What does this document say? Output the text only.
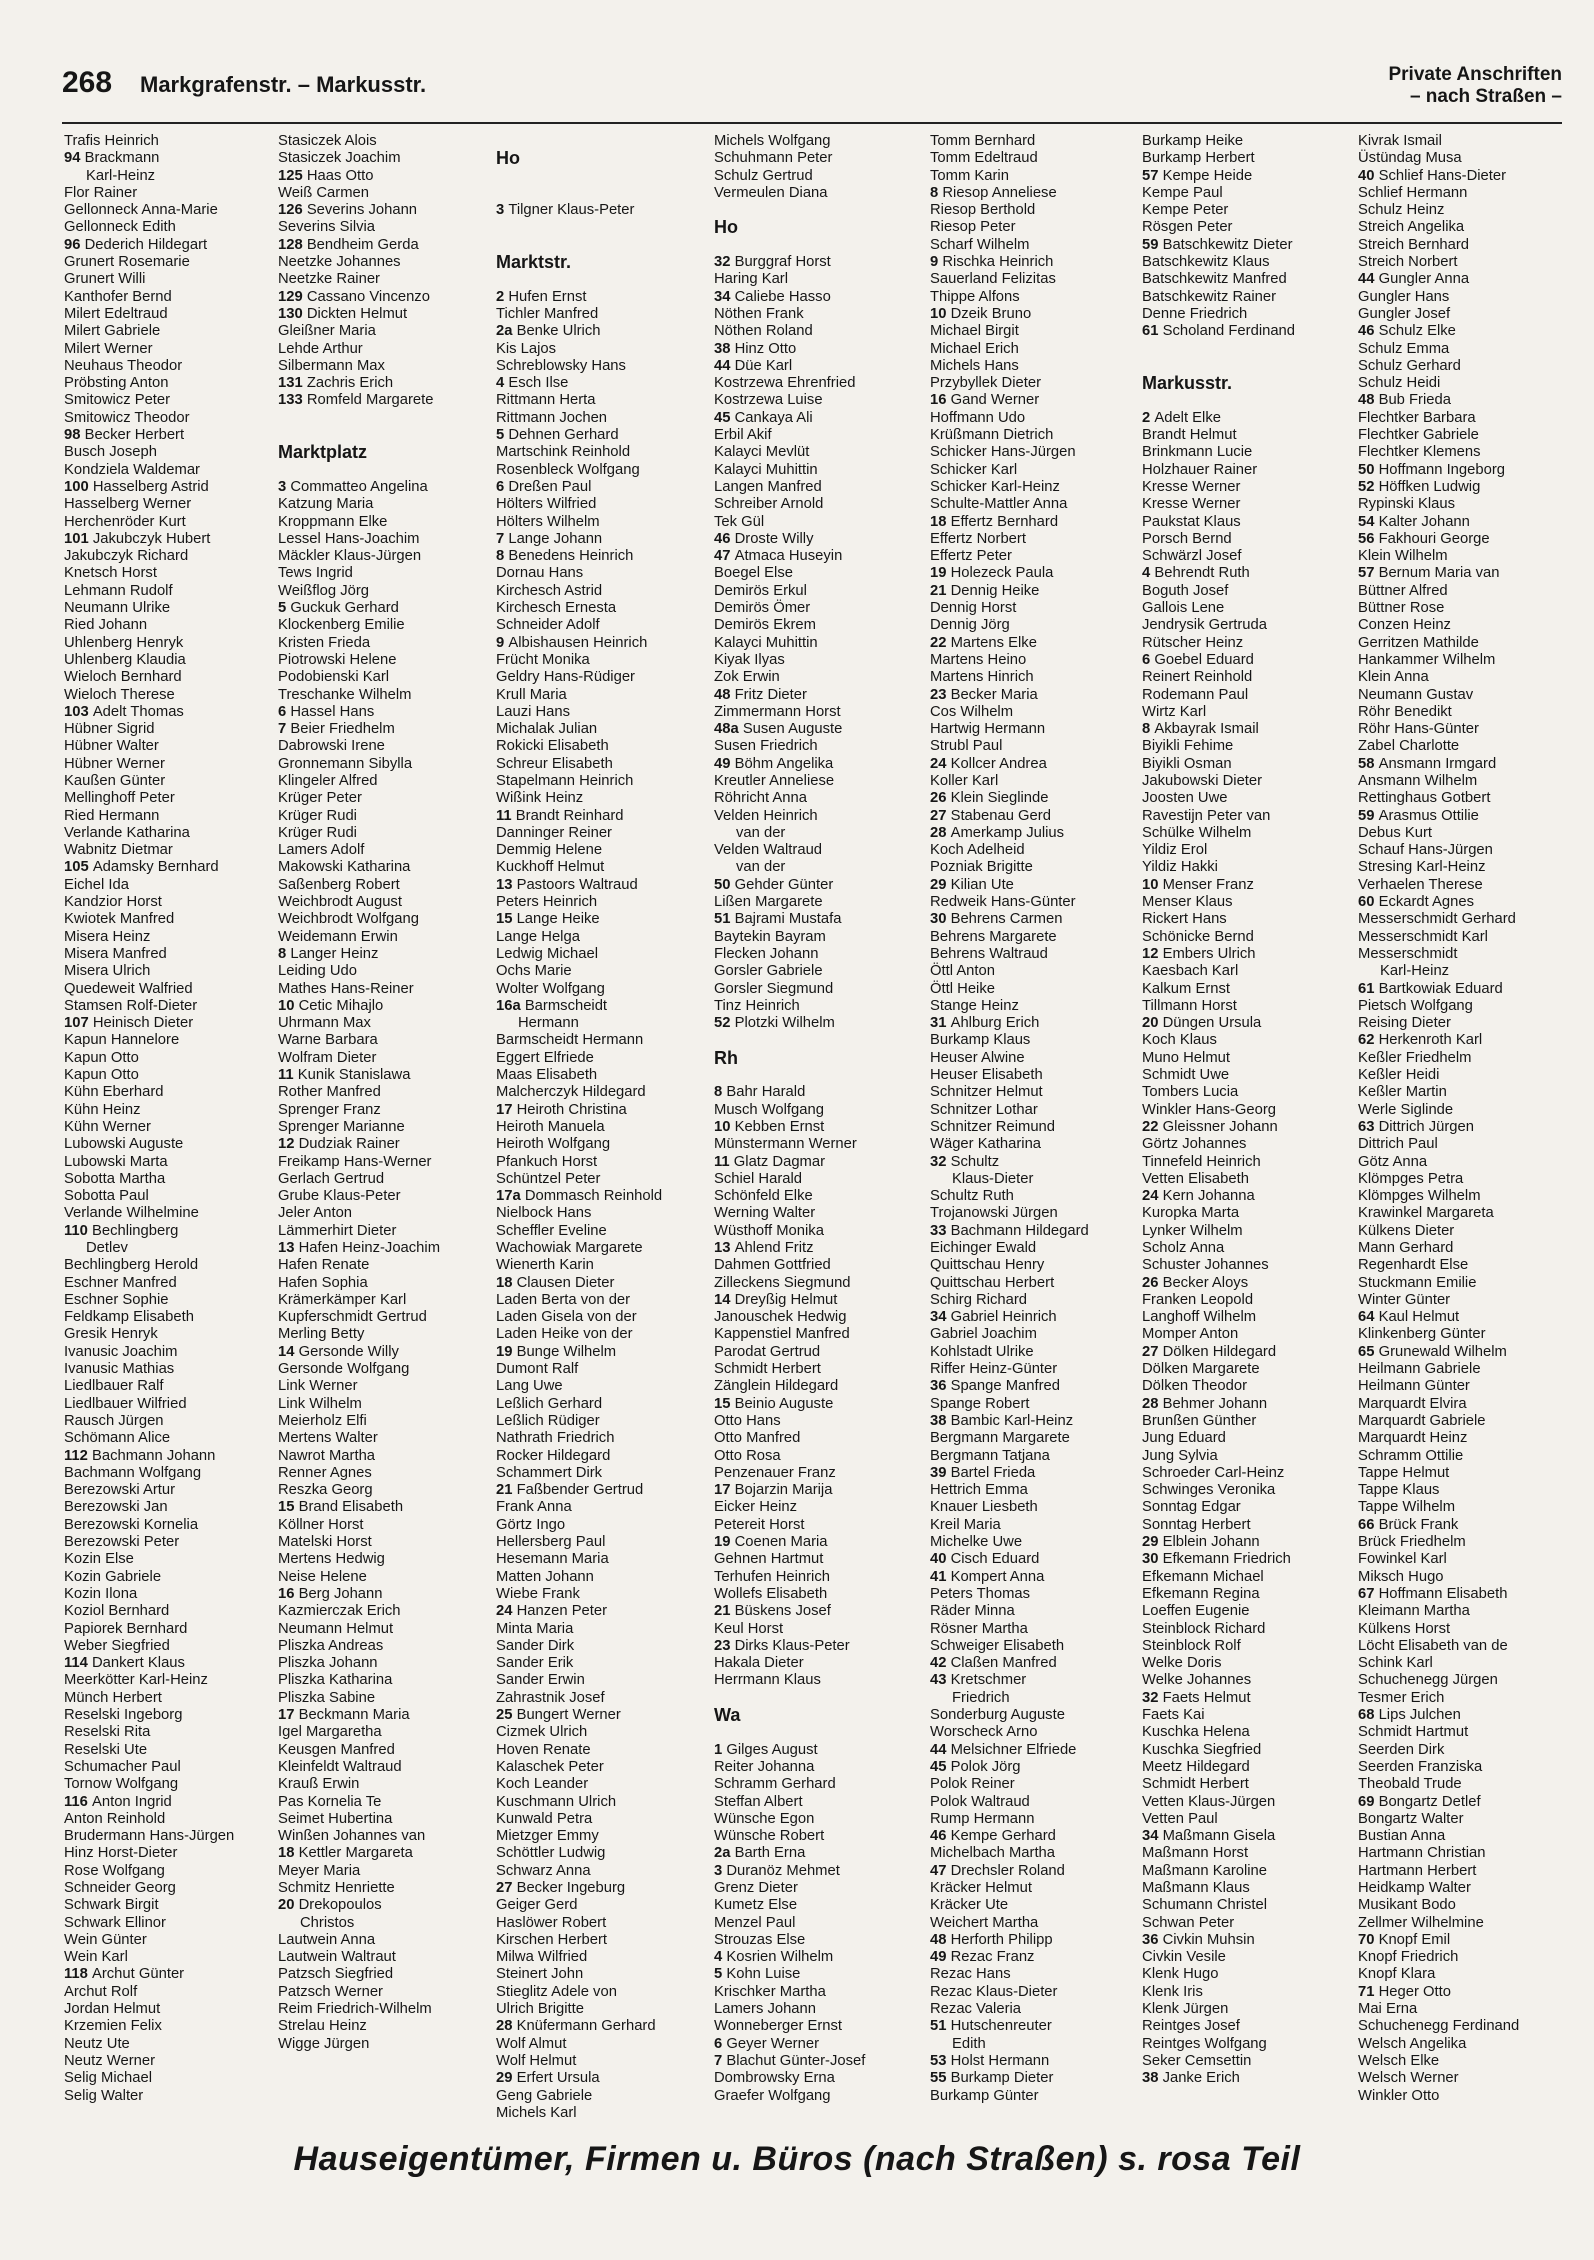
268 Markgrafenstr. – Markusstr.	Private Anschriften
– nach Straßen –
Trafis Heinrich
94 Brackmann
Karl-Heinz
Flor Rainer
Gellonneck Anna-Marie
Gellonneck Edith
96 Dederich Hildegart
Grunert Rosemarie
Grunert Willi
Kanthofer Bernd
Milert Edeltraud
Milert Gabriele
Milert Werner
Neuhaus Theodor
Pröbsting Anton
Smitowicz Peter
Smitowicz Theodor
98 Becker Herbert
Busch Joseph
Kondziela Waldemar
100 Hasselberg Astrid
Hasselberg Werner
Herchenröder Kurt
101 Jakubczyk Hubert
Jakubczyk Richard
Knetsch Horst
Lehmann Rudolf
Neumann Ulrike
Ried Johann
Uhlenberg Henryk
Uhlenberg Klaudia
Wieloch Bernhard
Wieloch Therese
103 Adelt Thomas
Hübner Sigrid
Hübner Walter
Hübner Werner
Kaußen Günter
Mellinghoff Peter
Ried Hermann
Verlande Katharina
Wabnitz Dietmar
105 Adamsky Bernhard
Eichel Ida
Kandzior Horst
Kwiotek Manfred
Misera Heinz
Misera Manfred
Misera Ulrich
Quedeweit Walfried
Stamsen Rolf-Dieter
107 Heinisch Dieter
Kapun Hannelore
Kapun Otto
Kapun Otto
Kühn Eberhard
Kühn Heinz
Kühn Werner
Lubowski Auguste
Lubowski Marta
Sobotta Martha
Sobotta Paul
Verlande Wilhelmine
110 Bechlingberg
Detlev
Bechlingberg Herold
Eschner Manfred
Eschner Sophie
Feldkamp Elisabeth
Gresik Henryk
Ivanusic Joachim
Ivanusic Mathias
Liedlbauer Ralf
Liedlbauer Wilfried
Rausch Jürgen
Schömann Alice
112 Bachmann Johann
Bachmann Wolfgang
Berezowski Artur
Berezowski Jan
Berezowski Kornelia
Berezowski Peter
Kozin Else
Kozin Gabriele
Kozin Ilona
Koziol Bernhard
Papiorek Bernhard
Weber Siegfried
114 Dankert Klaus
Meerkötter Karl-Heinz
Münch Herbert
Reselski Ingeborg
Reselski Rita
Reselski Ute
Schumacher Paul
Tornow Wolfgang
116 Anton Ingrid
Anton Reinhold
Brudermann Hans-Jürgen
Hinz Horst-Dieter
Rose Wolfgang
Schneider Georg
Schwark Birgit
Schwark Ellinor
Wein Günter
Wein Karl
118 Archut Günter
Archut Rolf
Jordan Helmut
Krzemien Felix
Neutz Ute
Neutz Werner
Selig Michael
Selig Walter
Stasiczek Alois
Stasiczek Joachim
125 Haas Otto
Weiß Carmen
126 Severins Johann
Severins Silvia
128 Bendheim Gerda
Neetzke Johannes
Neetzke Rainer
129 Cassano Vincenzo
130 Dickten Helmut
Gleißner Maria
Lehde Arthur
Silbermann Max
131 Zachris Erich
133 Romfeld Margarete
Marktplatz
3 Commatteo Angelina
Katzung Maria
Kroppmann Elke
Lessel Hans-Joachim
Mäckler Klaus-Jürgen
Tews Ingrid
Weißflog Jörg
5 Guckuk Gerhard
Klockenberg Emilie
Kristen Frieda
Piotrowski Helene
Podobienski Karl
Treschanke Wilhelm
6 Hassel Hans
7 Beier Friedhelm
Dabrowski Irene
Gronnemann Sibylla
Klingeler Alfred
Krüger Peter
Krüger Rudi
Krüger Rudi
Lamers Adolf
Makowski Katharina
Saßenberg Robert
Weichbrodt August
Weichbrodt Wolfgang
Weidemann Erwin
8 Langer Heinz
Leiding Udo
Mathes Hans-Reiner
10 Cetic Mihajlo
Uhrmann Max
Warne Barbara
Wolfram Dieter
11 Kunik Stanislawa
Rother Manfred
Sprenger Franz
Sprenger Marianne
12 Dudziak Rainer
Freikamp Hans-Werner
Gerlach Gertrud
Grube Klaus-Peter
Jeler Anton
Lämmerhirt Dieter
13 Hafen Heinz-Joachim
Hafen Renate
Hafen Sophia
Krämerkämper Karl
Kupferschmidt Gertrud
Merling Betty
14 Gersonde Willy
Gersonde Wolfgang
Link Werner
Link Wilhelm
Meierholz Elfi
Mertens Walter
Nawrot Martha
Renner Agnes
Reszka Georg
15 Brand Elisabeth
Köllner Horst
Matelski Horst
Mertens Hedwig
Neise Helene
16 Berg Johann
Kazmierczak Erich
Neumann Helmut
Pliszka Andreas
Pliszka Johann
Pliszka Katharina
Pliszka Sabine
17 Beckmann Maria
Igel Margaretha
Keusgen Manfred
Kleinfeldt Waltraud
Krauß Erwin
Pas Kornelia Te
Seimet Hubertina
Winßen Johannes van
18 Kettler Margareta
Meyer Maria
Schmitz Henriette
20 Drekopoulos
Christos
Lautwein Anna
Lautwein Waltraut
Patzsch Siegfried
Patzsch Werner
Reim Friedrich-Wilhelm
Strelau Heinz
Wigge Jürgen
Ho
3 Tilgner Klaus-Peter
Marktstr.
2 Hufen Ernst
Tichler Manfred
2a Benke Ulrich
Kis Lajos
Schreblowsky Hans
4 Esch Ilse
Rittmann Herta
Rittmann Jochen
5 Dehnen Gerhard
Martschink Reinhold
Rosenbleck Wolfgang
6 Dreßen Paul
Hölters Wilfried
Hölters Wilhelm
7 Lange Johann
8 Benedens Heinrich
Dornau Hans
Kirchesch Astrid
Kirchesch Ernesta
Schneider Adolf
9 Albishausen Heinrich
Frücht Monika
Geldry Hans-Rüdiger
Krull Maria
Lauzi Hans
Michalak Julian
Rokicki Elisabeth
Schreur Elisabeth
Stapelmann Heinrich
Wißink Heinz
11 Brandt Reinhard
Danninger Reiner
Demmig Helene
Kuckhoff Helmut
13 Pastoors Waltraud
Peters Heinrich
15 Lange Heike
Lange Helga
Ledwig Michael
Ochs Marie
Wolter Wolfgang
16a Barmscheidt
Hermann
Barmscheidt Hermann
Eggert Elfriede
Maas Elisabeth
Malcherczyk Hildegard
17 Heiroth Christina
Heiroth Manuela
Heiroth Wolfgang
Pfankuch Horst
Schüntzel Peter
17a Dommasch Reinhold
Nielbock Hans
Scheffler Eveline
Wachowiak Margarete
Wienerth Karin
18 Clausen Dieter
Laden Berta von der
Laden Gisela von der
Laden Heike von der
19 Bunge Wilhelm
Dumont Ralf
Lang Uwe
Leßlich Gerhard
Leßlich Rüdiger
Nathrath Friedrich
Rocker Hildegard
Schammert Dirk
21 Faßbender Gertrud
Frank Anna
Görtz Ingo
Hellersberg Paul
Hesemann Maria
Matten Johann
Wiebe Frank
24 Hanzen Peter
Minta Maria
Sander Dirk
Sander Erik
Sander Erwin
Zahrastnik Josef
25 Bungert Werner
Cizmek Ulrich
Hoven Renate
Kalaschek Peter
Koch Leander
Kuschmann Ulrich
Kunwald Petra
Mietzger Emmy
Schöttler Ludwig
Schwarz Anna
27 Becker Ingeburg
Geiger Gerd
Haslöwer Robert
Kirschen Herbert
Milwa Wilfried
Steinert John
Stieglitz Adele von
Ulrich Brigitte
28 Knüfermann Gerhard
Wolf Almut
Wolf Helmut
29 Erfert Ursula
Geng Gabriele
Michels Karl
Michels Wolfgang
Schuhmann Peter
Schulz Gertrud
Vermeulen Diana
Ho
32 Burggraf Horst
Haring Karl
34 Caliebe Hasso
Nöthen Frank
Nöthen Roland
38 Hinz Otto
44 Düe Karl
Kostrzewa Ehrenfried
Kostrzewa Luise
45 Cankaya Ali
Erbil Akif
Kalayci Mevlüt
Kalayci Muhittin
Langen Manfred
Schreiber Arnold
Tek Gül
46 Droste Willy
47 Atmaca Huseyin
Boegel Else
Demirös Erkul
Demirös Ömer
Demirös Ekrem
Kalayci Muhittin
Kiyak Ilyas
Zok Erwin
48 Fritz Dieter
Zimmermann Horst
48a Susen Auguste
Susen Friedrich
49 Böhm Angelika
Kreutler Anneliese
Röhricht Anna
Velden Heinrich
van der
Velden Waltraud
van der
50 Gehder Günter
Lißen Margarete
51 Bajrami Mustafa
Baytekin Bayram
Flecken Johann
Gorsler Gabriele
Gorsler Siegmund
Tinz Heinrich
52 Plotzki Wilhelm
Rh
8 Bahr Harald
Musch Wolfgang
10 Kebben Ernst
Münstermann Werner
11 Glatz Dagmar
Schiel Harald
Schönfeld Elke
Werning Walter
Wüsthoff Monika
13 Ahlend Fritz
Dahmen Gottfried
Zilleckens Siegmund
14 Dreyßig Helmut
Janouschek Hedwig
Kappenstiel Manfred
Parodat Gertrud
Schmidt Herbert
Zänglein Hildegard
15 Beinio Auguste
Otto Hans
Otto Manfred
Otto Rosa
Penzenauer Franz
17 Bojarzin Marija
Eicker Heinz
Petereit Horst
19 Coenen Maria
Gehnen Hartmut
Terhufen Heinrich
Wollefs Elisabeth
21 Büskens Josef
Keul Horst
23 Dirks Klaus-Peter
Hakala Dieter
Herrmann Klaus
Wa
1 Gilges August
Reiter Johanna
Schramm Gerhard
Steffan Albert
Wünsche Egon
Wünsche Robert
2a Barth Erna
3 Duranöz Mehmet
Grenz Dieter
Kumetz Else
Menzel Paul
Strouzas Else
4 Kosrien Wilhelm
5 Kohn Luise
Krischker Martha
Lamers Johann
Wonneberger Ernst
6 Geyer Werner
7 Blachut Günter-Josef
Dombrowsky Erna
Graefer Wolfgang
Tomm Bernhard
Tomm Edeltraud
Tomm Karin
8 Riesop Anneliese
Riesop Berthold
Riesop Peter
Scharf Wilhelm
9 Rischka Heinrich
Sauerland Felizitas
Thippe Alfons
10 Dzeik Bruno
Michael Birgit
Michael Erich
Michels Hans
Przybyllek Dieter
16 Gand Werner
Hoffmann Udo
Krüßmann Dietrich
Schicker Hans-Jürgen
Schicker Karl
Schicker Karl-Heinz
Schulte-Mattler Anna
18 Effertz Bernhard
Effertz Norbert
Effertz Peter
19 Holezeck Paula
21 Dennig Heike
Dennig Horst
Dennig Jörg
22 Martens Elke
Martens Heino
Martens Hinrich
23 Becker Maria
Cos Wilhelm
Hartwig Hermann
Strubl Paul
24 Kollcer Andrea
Koller Karl
26 Klein Sieglinde
27 Stabenau Gerd
28 Amerkamp Julius
Koch Adelheid
Pozniak Brigitte
29 Kilian Ute
Redweik Hans-Günter
30 Behrens Carmen
Behrens Margarete
Behrens Waltraud
Öttl Anton
Öttl Heike
Stange Heinz
31 Ahlburg Erich
Burkamp Klaus
Heuser Alwine
Heuser Elisabeth
Schnitzer Helmut
Schnitzer Lothar
Schnitzer Reimund
Wäger Katharina
32 Schultz
Klaus-Dieter
Schultz Ruth
Trojanowski Jürgen
33 Bachmann Hildegard
Eichinger Ewald
Quittschau Henry
Quittschau Herbert
Schirg Richard
34 Gabriel Heinrich
Gabriel Joachim
Kohlstadt Ulrike
Riffer Heinz-Günter
36 Spange Manfred
Spange Robert
38 Bambic Karl-Heinz
Bergmann Margarete
Bergmann Tatjana
39 Bartel Frieda
Hettrich Emma
Knauer Liesbeth
Kreil Maria
Michelke Uwe
40 Cisch Eduard
41 Kompert Anna
Peters Thomas
Räder Minna
Rösner Martha
Schweiger Elisabeth
42 Claßen Manfred
43 Kretschmer
Friedrich
Sonderburg Auguste
Worscheck Arno
44 Melsichner Elfriede
45 Polok Jörg
Polok Reiner
Polok Waltraud
Rump Hermann
46 Kempe Gerhard
Michelbach Martha
47 Drechsler Roland
Kräcker Helmut
Kräcker Ute
Weichert Martha
48 Herforth Philipp
49 Rezac Franz
Rezac Hans
Rezac Klaus-Dieter
Rezac Valeria
51 Hutschenreuter
Edith
53 Holst Hermann
55 Burkamp Dieter
Burkamp Günter
Burkamp Heike
Burkamp Herbert
57 Kempe Heide
Kempe Paul
Kempe Peter
Rösgen Peter
59 Batschkewitz Dieter
Batschkewitz Klaus
Batschkewitz Manfred
Batschkewitz Rainer
Denne Friedrich
61 Scholand Ferdinand
Markusstr.
2 Adelt Elke
Brandt Helmut
Brinkmann Lucie
Holzhauer Rainer
Kresse Werner
Kresse Werner
Paukstat Klaus
Porsch Bernd
Schwärzl Josef
4 Behrendt Ruth
Boguth Josef
Gallois Lene
Jendrysik Gertruda
Rütscher Heinz
6 Goebel Eduard
Reinert Reinhold
Rodemann Paul
Wirtz Karl
8 Akbayrak Ismail
Biyikli Fehime
Biyikli Osman
Jakubowski Dieter
Joosten Uwe
Ravestijn Peter van
Schülke Wilhelm
Yildiz Erol
Yildiz Hakki
10 Menser Franz
Menser Klaus
Rickert Hans
Schönicke Bernd
12 Embers Ulrich
Kaesbach Karl
Kalkum Ernst
Tillmann Horst
20 Düngen Ursula
Koch Klaus
Muno Helmut
Schmidt Uwe
Tombers Lucia
Winkler Hans-Georg
22 Gleissner Johann
Görtz Johannes
Tinnefeld Heinrich
Vetten Elisabeth
24 Kern Johanna
Kuropka Marta
Lynker Wilhelm
Scholz Anna
Schuster Johannes
26 Becker Aloys
Franken Leopold
Langhoff Wilhelm
Momper Anton
27 Dölken Hildegard
Dölken Margarete
Dölken Theodor
28 Behmer Johann
Brunßen Günther
Jung Eduard
Jung Sylvia
Schroeder Carl-Heinz
Schwinges Veronika
Sonntag Edgar
Sonntag Herbert
29 Elblein Johann
30 Efkemann Friedrich
Efkemann Michael
Efkemann Regina
Loeffen Eugenie
Steinblock Richard
Steinblock Rolf
Welke Doris
Welke Johannes
32 Faets Helmut
Faets Kai
Kuschka Helena
Kuschka Siegfried
Meetz Hildegard
Schmidt Herbert
Vetten Klaus-Jürgen
Vetten Paul
34 Maßmann Gisela
Maßmann Horst
Maßmann Karoline
Maßmann Klaus
Schumann Christel
Schwan Peter
36 Civkin Muhsin
Civkin Vesile
Klenk Hugo
Klenk Iris
Klenk Jürgen
Reintges Josef
Reintges Wolfgang
Seker Cemsettin
38 Janke Erich
Kivrak Ismail
Üstündag Musa
40 Schlief Hans-Dieter
Schlief Hermann
Schulz Heinz
Streich Angelika
Streich Bernhard
Streich Norbert
44 Gungler Anna
Gungler Hans
Gungler Josef
46 Schulz Elke
Schulz Emma
Schulz Gerhard
Schulz Heidi
48 Bub Frieda
Flechtker Barbara
Flechtker Gabriele
Flechtker Klemens
50 Hoffmann Ingeborg
52 Höffken Ludwig
Rypinski Klaus
54 Kalter Johann
56 Fakhouri George
Klein Wilhelm
57 Bernum Maria van
Büttner Alfred
Büttner Rose
Conzen Heinz
Gerritzen Mathilde
Hankammer Wilhelm
Klein Anna
Neumann Gustav
Röhr Benedikt
Röhr Hans-Günter
Zabel Charlotte
58 Ansmann Irmgard
Ansmann Wilhelm
Rettinghaus Gotbert
59 Arasmus Ottilie
Debus Kurt
Schauf Hans-Jürgen
Stresing Karl-Heinz
Verhaelen Therese
60 Eckardt Agnes
Messerschmidt Gerhard
Messerschmidt Karl
Messerschmidt
Karl-Heinz
61 Bartkowiak Eduard
Pietsch Wolfgang
Reising Dieter
62 Herkenroth Karl
Keßler Friedhelm
Keßler Heidi
Keßler Martin
Werle Siglinde
63 Dittrich Jürgen
Dittrich Paul
Götz Anna
Klömpges Petra
Klömpges Wilhelm
Krawinkel Margareta
Külkens Dieter
Mann Gerhard
Regenhardt Else
Stuckmann Emilie
Winter Günter
64 Kaul Helmut
Klinkenberg Günter
65 Grunewald Wilhelm
Heilmann Gabriele
Heilmann Günter
Marquardt Elvira
Marquardt Gabriele
Marquardt Heinz
Schramm Ottilie
Tappe Helmut
Tappe Klaus
Tappe Wilhelm
66 Brück Frank
Brück Friedhelm
Fowinkel Karl
Miksch Hugo
67 Hoffmann Elisabeth
Kleimann Martha
Külkens Horst
Löcht Elisabeth van de
Schink Karl
Schuchenegg Jürgen
Tesmer Erich
68 Lips Julchen
Schmidt Hartmut
Seerden Dirk
Seerden Franziska
Theobald Trude
69 Bongartz Detlef
Bongartz Walter
Bustian Anna
Hartmann Christian
Hartmann Herbert
Heidkamp Walter
Musikant Bodo
Zellmer Wilhelmine
70 Knopf Emil
Knopf Friedrich
Knopf Klara
71 Heger Otto
Mai Erna
Schuchenegg Ferdinand
Welsch Angelika
Welsch Elke
Welsch Werner
Winkler Otto
Hauseigentümer, Firmen u. Büros (nach Straßen) s. rosa Teil
